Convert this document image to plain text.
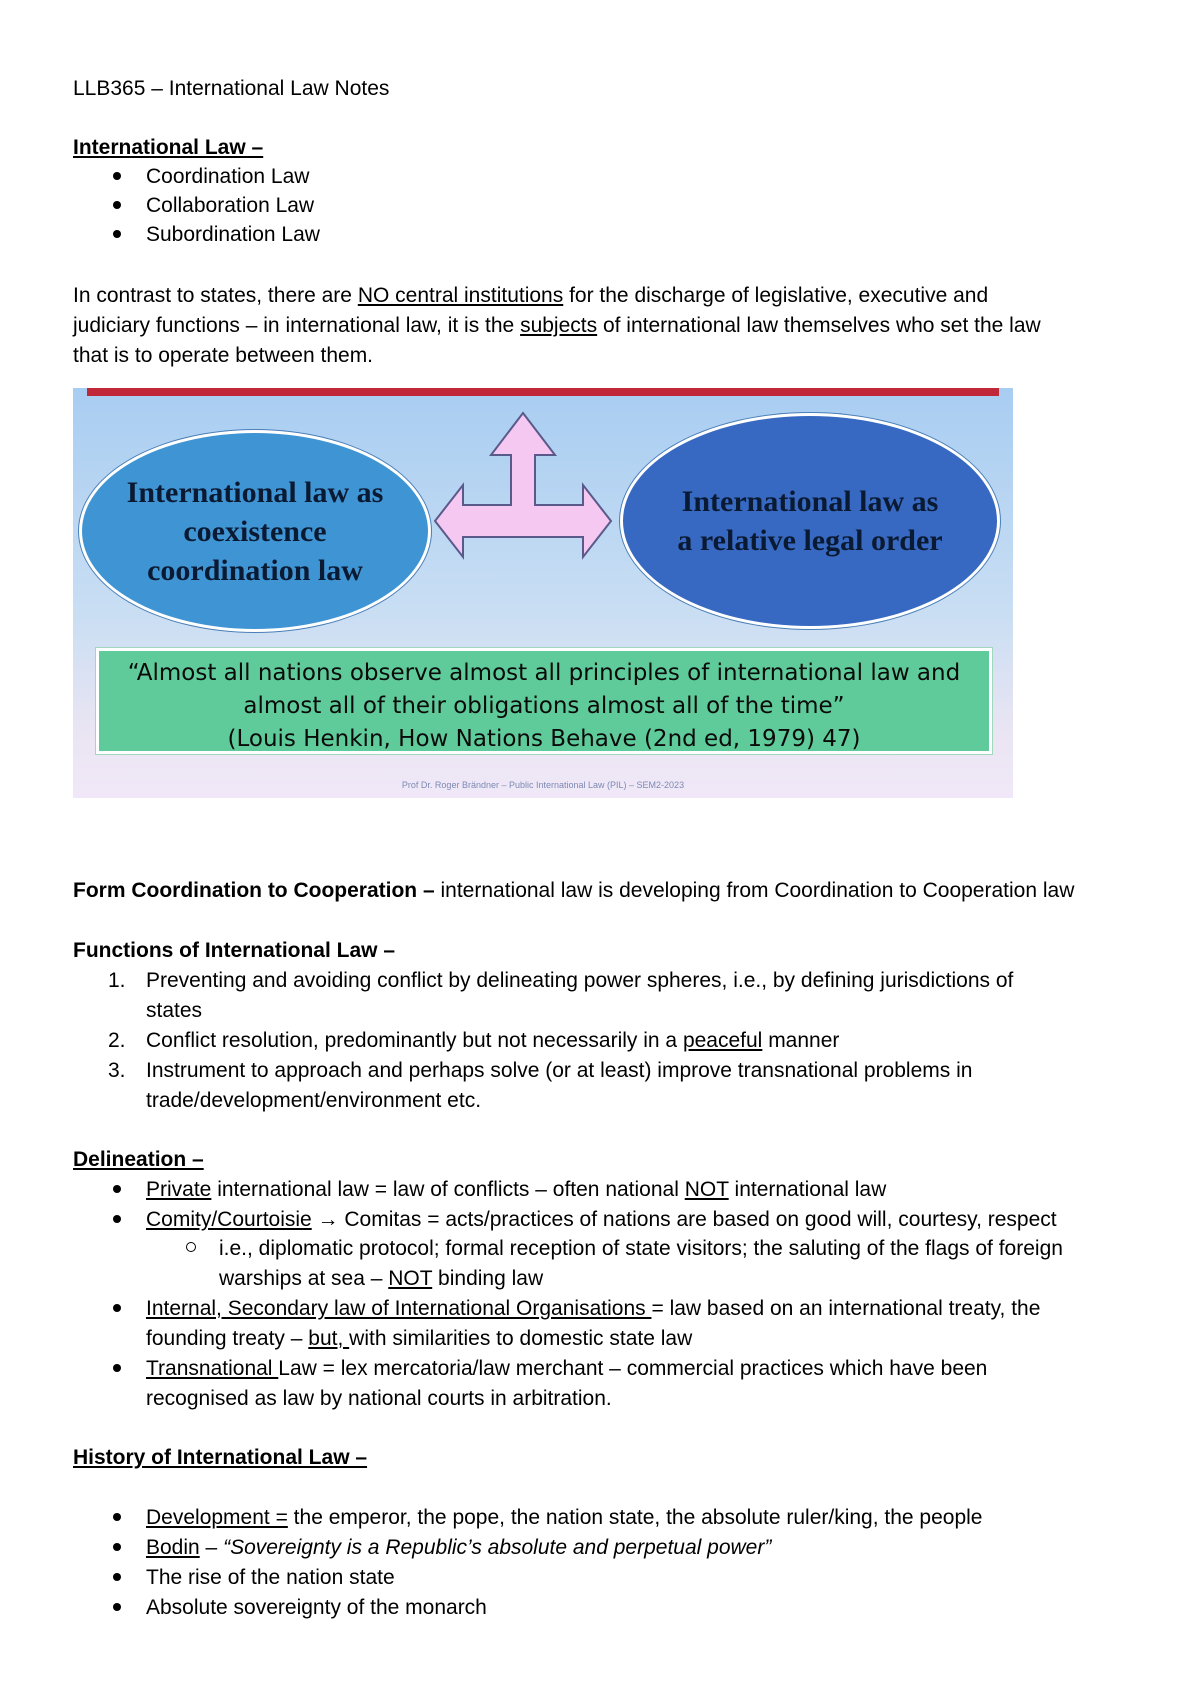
LLB365 – International Law Notes
International Law –
Coordination Law
Collaboration Law
Subordination Law
In contrast to states, there are NO central institutions for the discharge of legislative, executive and
judiciary functions – in international law, it is the subjects of international law themselves who set the law
that is to operate between them.
International law as
coexistence
coordination law
International law as
a relative legal order
“Almost all nations observe almost all principles of international law and
almost all of their obligations almost all of the time”
(Louis Henkin, How Nations Behave (2nd ed, 1979) 47)
Prof Dr. Roger Brändner – Public International Law (PIL) – SEM2-2023
Form Coordination to Cooperation – international law is developing from Coordination to Cooperation law
Functions of International Law –
1. Preventing and avoiding conflict by delineating power spheres, i.e., by defining jurisdictions of
states
2. Conflict resolution, predominantly but not necessarily in a peaceful manner
3. Instrument to approach and perhaps solve (or at least) improve transnational problems in
trade/development/environment etc.
Delineation –
Private international law = law of conflicts – often national NOT international law
Comity/Courtoisie → Comitas = acts/practices of nations are based on good will, courtesy, respect
i.e., diplomatic protocol; formal reception of state visitors; the saluting of the flags of foreign
warships at sea – NOT binding law
Internal, Secondary law of International Organisations = law based on an international treaty, the
founding treaty – but, with similarities to domestic state law
Transnational Law = lex mercatoria/law merchant – commercial practices which have been
recognised as law by national courts in arbitration.
History of International Law –
Development = the emperor, the pope, the nation state, the absolute ruler/king, the people
Bodin – “Sovereignty is a Republic’s absolute and perpetual power”
The rise of the nation state
Absolute sovereignty of the monarch
